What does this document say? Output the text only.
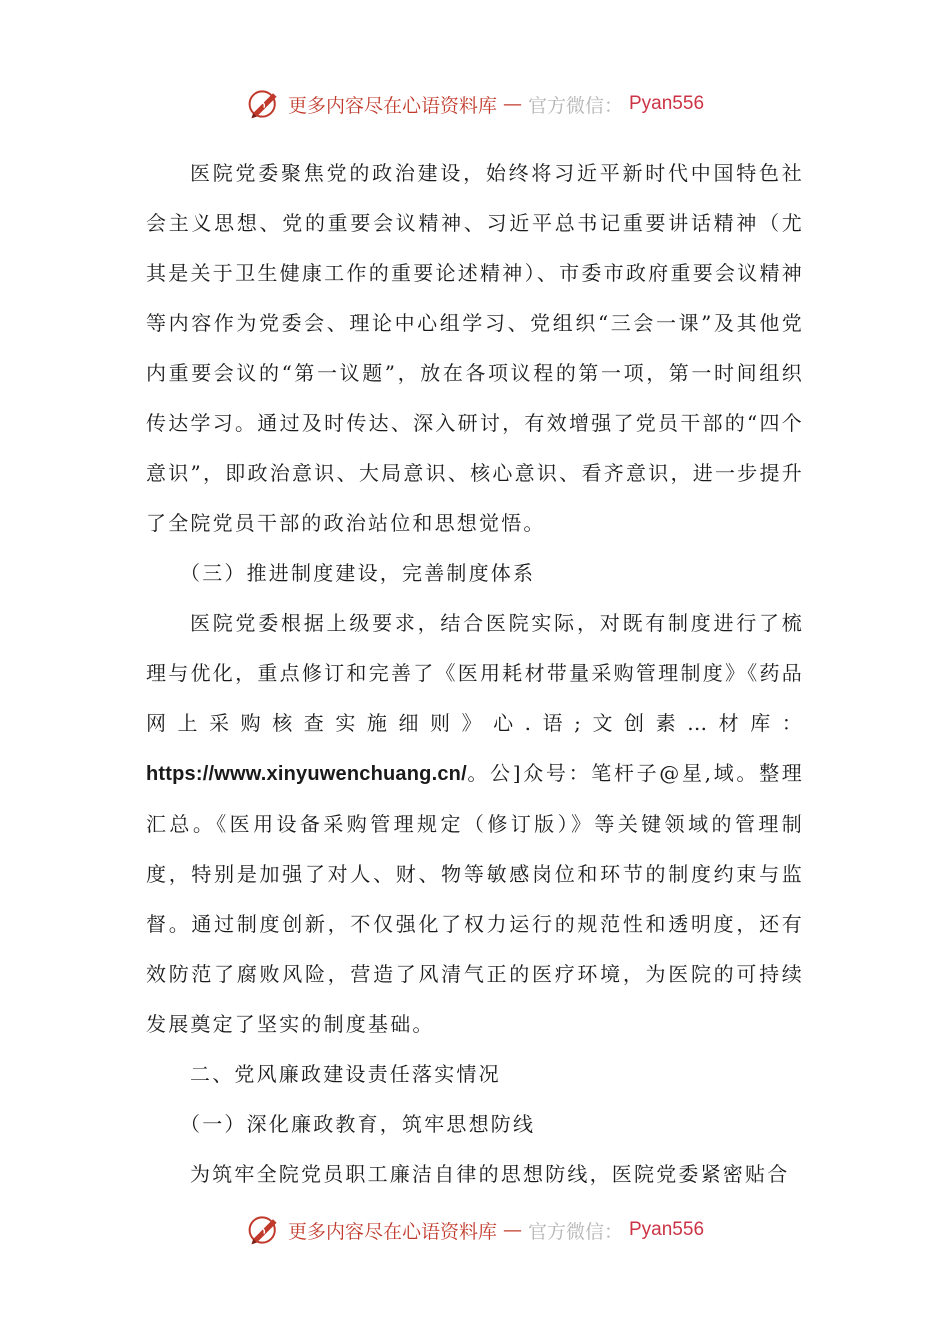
更多内容尽在心语资料库 — 官方微信： Pyan556

医院党委聚焦党的政治建设，始终将习近平新时代中国特色社会主义思想、党的重要会议精神、习近平总书记重要讲话精神（尤其是关于卫生健康工作的重要论述精神）、市委市政府重要会议精神等内容作为党委会、理论中心组学习、党组织“三会一课”及其他党内重要会议的“第一议题”，放在各项议程的第一项，第一时间组织传达学习。通过及时传达、深入研讨，有效增强了党员干部的“四个意识”，即政治意识、大局意识、核心意识、看齐意识，进一步提升了全院党员干部的政治站位和思想觉悟。

（三）推进制度建设，完善制度体系

医院党委根据上级要求，结合医院实际，对既有制度进行了梳理与优化，重点修订和完善了《医用耗材带量采购管理制度》《药品网上采购核查实施细则》心.语;文创素…材库：https://www.xinyuwenchuang.cn/。公]众号：笔杆子@星,域。整理汇总。《医用设备采购管理规定（修订版）》等关键领域的管理制度，特别是加强了对人、财、物等敏感岗位和环节的制度约束与监督。通过制度创新，不仅强化了权力运行的规范性和透明度，还有效防范了腐败风险，营造了风清气正的医疗环境，为医院的可持续发展奠定了坚实的制度基础。

二、党风廉政建设责任落实情况

（一）深化廉政教育，筑牢思想防线

为筑牢全院党员职工廉洁自律的思想防线，医院党委紧密贴合

更多内容尽在心语资料库 — 官方微信： Pyan556
